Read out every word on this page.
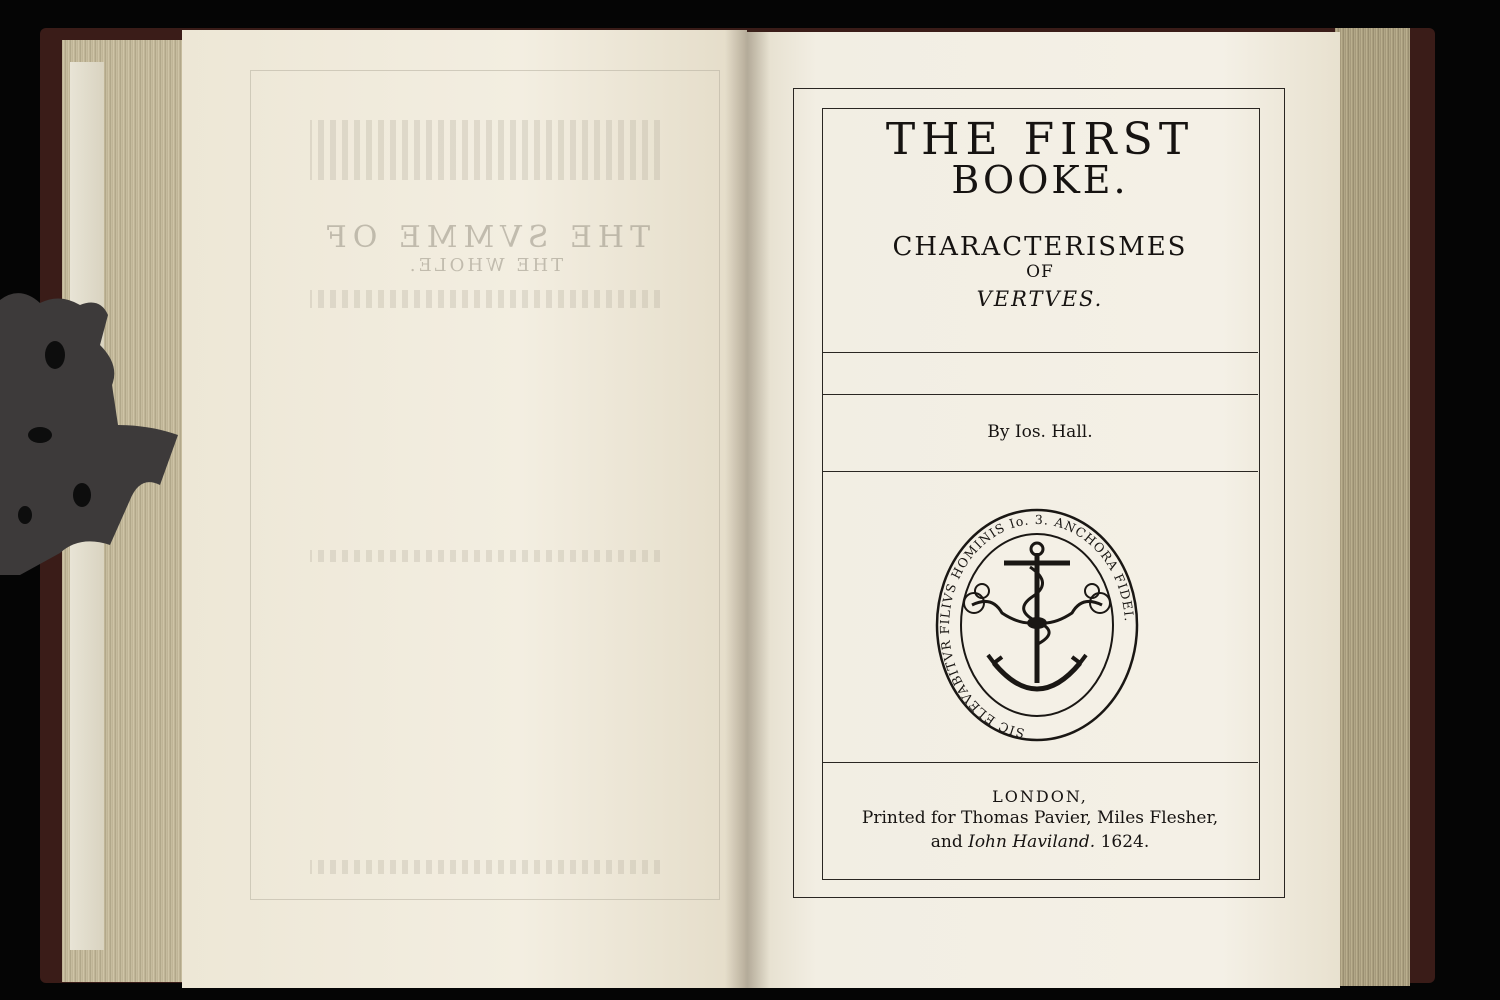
THE SVMME OF
THE WHOLE.
THE FIRST
BOOKE.
CHARACTERISMES
OF
VERTVES.
By Ios. Hall.
SIC ELEVABITVR FILIVS HOMINIS Io. 3. ANCHORA FIDEI.
LONDON,
Printed for Thomas Pavier, Miles Flesher,
and Iohn Haviland. 1624.
